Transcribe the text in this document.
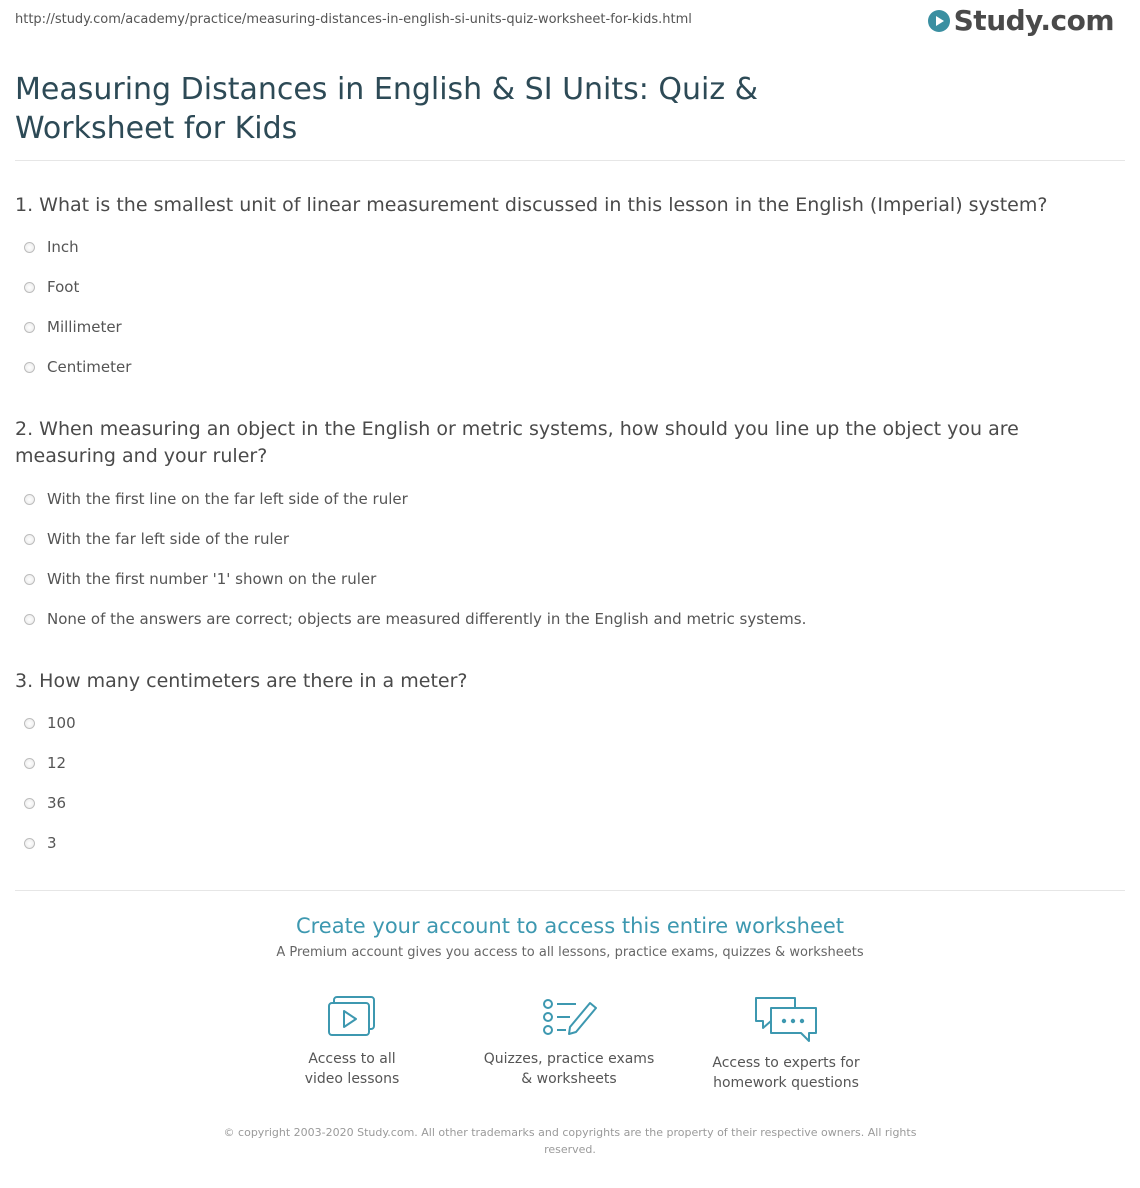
http://study.com/academy/practice/measuring-distances-in-english-si-units-quiz-worksheet-for-kids.html	Study.com
Measuring Distances in English & SI Units: Quiz & Worksheet for Kids

1. What is the smallest unit of linear measurement discussed in this lesson in the English (Imperial) system?

Inch
Foot
Millimeter
Centimeter

2. When measuring an object in the English or metric systems, how should you line up the object you are measuring and your ruler?

With the first line on the far left side of the ruler
With the far left side of the ruler
With the first number '1' shown on the ruler
None of the answers are correct; objects are measured differently in the English and metric systems.

3. How many centimeters are there in a meter?

100
12
36
3
Create your account to access this entire worksheet
A Premium account gives you access to all lessons, practice exams, quizzes & worksheets
Access to all
video lessons
Quizzes, practice exams
& worksheets
Access to experts for
homework questions
© copyright 2003-2020 Study.com. All other trademarks and copyrights are the property of their respective owners. All rights reserved.
